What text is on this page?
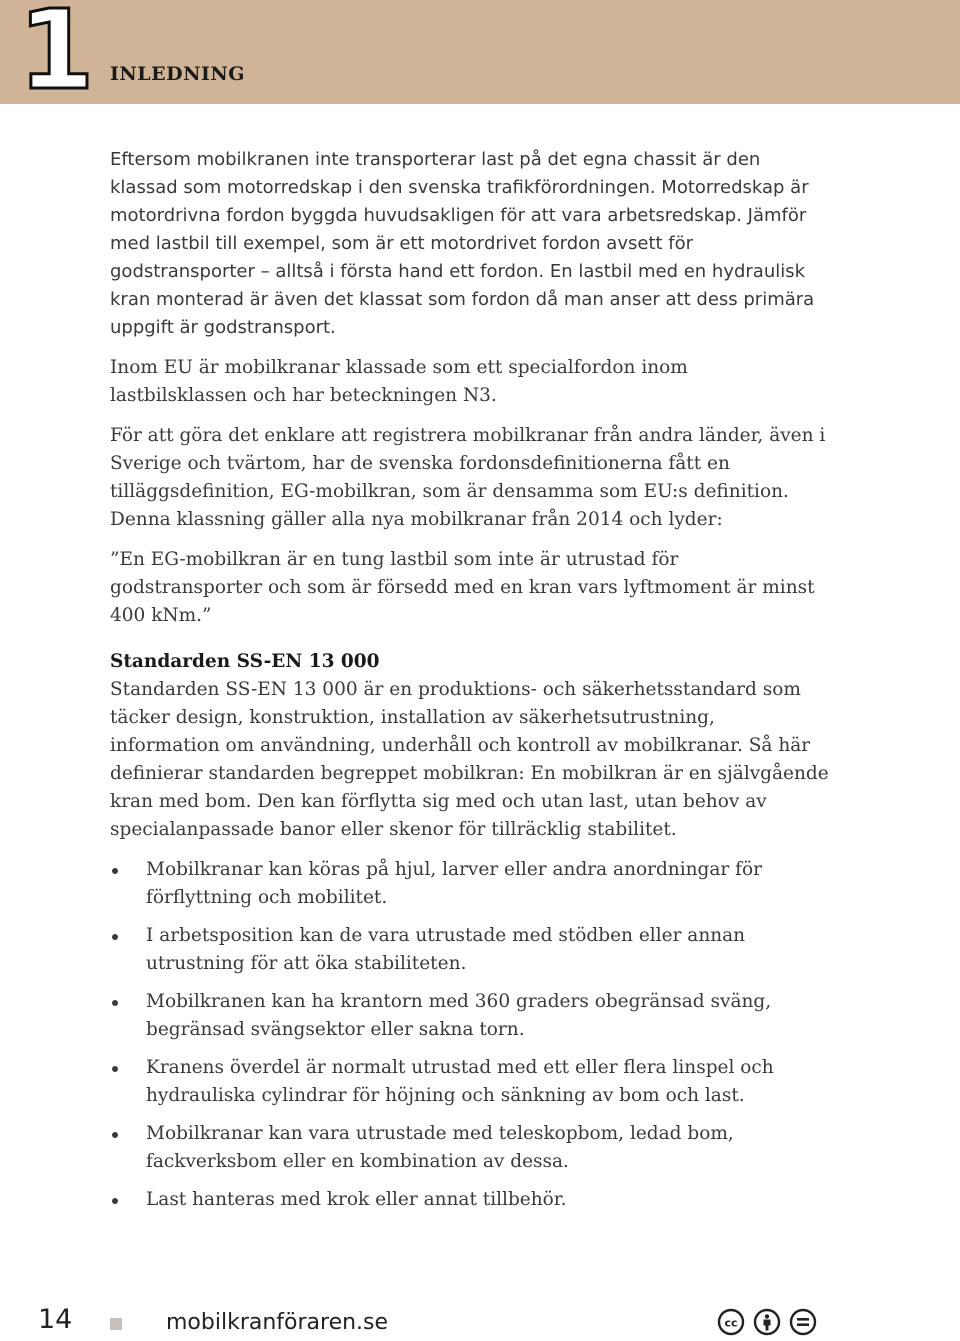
1 INLEDNING

Eftersom mobilkranen inte transporterar last på det egna chassit är den klassad som motorredskap i den svenska trafikförordningen. Motorredskap är motordrivna fordon byggda huvudsakligen för att vara arbetsredskap. Jämför med lastbil till exempel, som är ett motordrivet fordon avsett för godstransporter – alltså i första hand ett fordon. En lastbil med en hydraulisk kran monterad är även det klassat som fordon då man anser att dess primära uppgift är godstransport.

Inom EU är mobilkranar klassade som ett specialfordon inom lastbilsklassen och har beteckningen N3.

För att göra det enklare att registrera mobilkranar från andra länder, även i Sverige och tvärtom, har de svenska fordonsdefinitionerna fått en tilläggsdefinition, EG-mobilkran, som är densamma som EU:s definition. Denna klassning gäller alla nya mobilkranar från 2014 och lyder:

”En EG-mobilkran är en tung lastbil som inte är utrustad för godstransporter och som är försedd med en kran vars lyftmoment är minst 400 kNm.”

Standarden SS-EN 13 000

Standarden SS-EN 13 000 är en produktions- och säkerhetsstandard som täcker design, konstruktion, installation av säkerhetsutrustning, information om användning, underhåll och kontroll av mobilkranar. Så här definierar standarden begreppet mobilkran: En mobilkran är en självgående kran med bom. Den kan förflytta sig med och utan last, utan behov av specialanpassade banor eller skenor för tillräcklig stabilitet.

Mobilkranar kan köras på hjul, larver eller andra anordningar för förflyttning och mobilitet.
I arbetsposition kan de vara utrustade med stödben eller annan utrustning för att öka stabiliteten.
Mobilkranen kan ha krantorn med 360 graders obegränsad sväng, begränsad svängsektor eller sakna torn.
Kranens överdel är normalt utrustad med ett eller flera linspel och hydrauliska cylindrar för höjning och sänkning av bom och last.
Mobilkranar kan vara utrustade med teleskopbom, ledad bom, fackverksbom eller en kombination av dessa.
Last hanteras med krok eller annat tillbehör.
14	mobilkranföraren.se	cc
